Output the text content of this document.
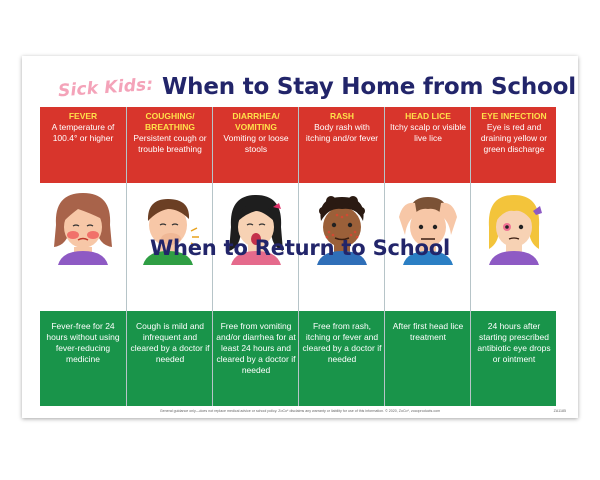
Sick Kids: When to Stay Home from School
FEVER
A temperature of 100.4° or higher
Fever-free for 24 hours without using fever-reducing medicine
COUGHING/ BREATHING
Persistent cough or trouble breathing
Cough is mild and infrequent and cleared by a doctor if needed
DIARRHEA/ VOMITING
Vomiting or loose stools
Free from vomiting and/or diarrhea for at least 24 hours and cleared by a doctor if needed
RASH
Body rash with itching and/or fever
Free from rash, itching or fever and cleared by a doctor if needed
HEAD LICE
Itchy scalp or visible live lice
After first head lice treatment
EYE INFECTION
Eye is red and draining yellow or green discharge
24 hours after starting prescribed antibiotic eye drops or ointment
When to Return to School
General guidance only—does not replace medical advice or school policy. ZoCo* disclaims any warranty or liability for use of this information. © 2020, ZoCo*, zocoproducts.com	ZA1185
